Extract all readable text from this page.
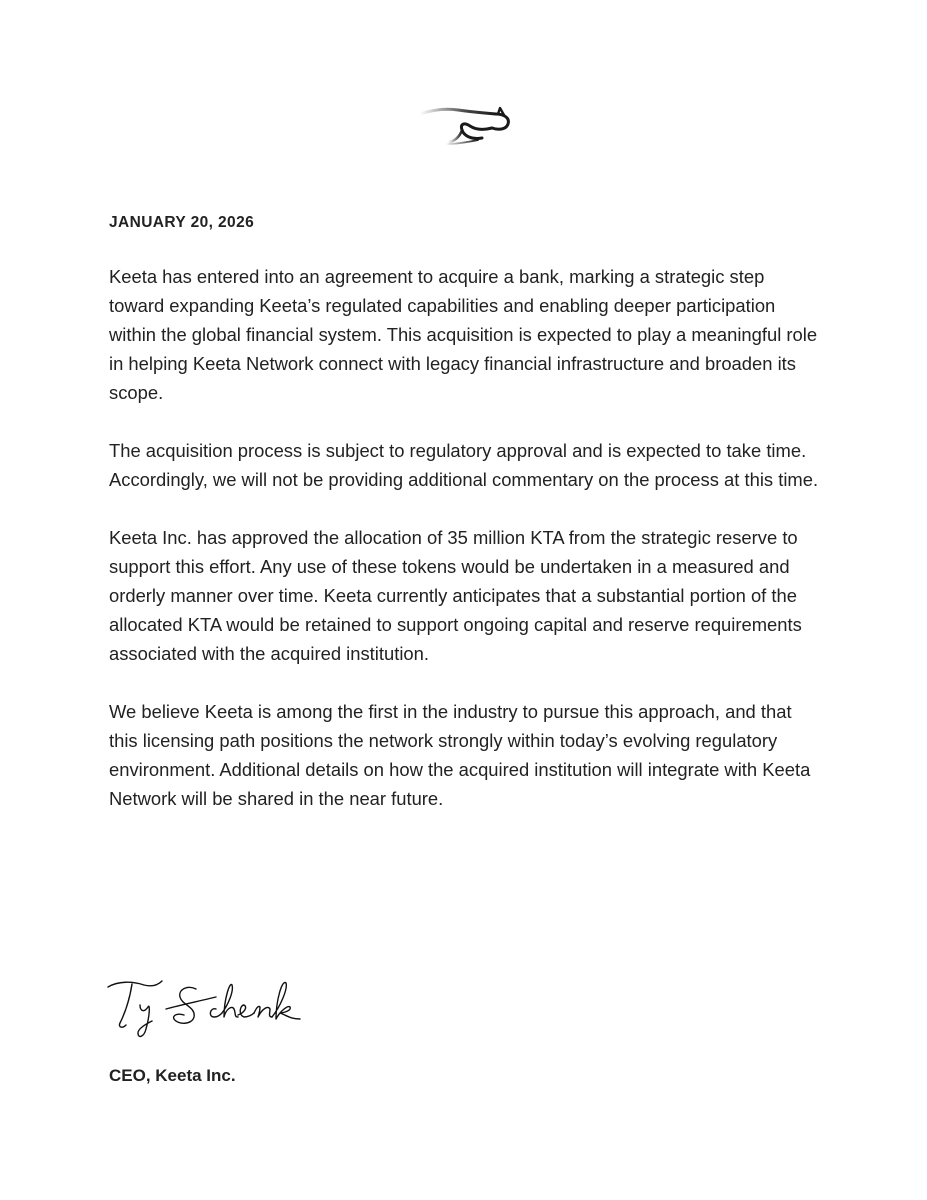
JANUARY 20, 2026

Keeta has entered into an agreement to acquire a bank, marking a strategic step toward expanding Keeta’s regulated capabilities and enabling deeper participation within the global financial system. This acquisition is expected to play a meaningful role in helping Keeta Network connect with legacy financial infrastructure and broaden its scope.

The acquisition process is subject to regulatory approval and is expected to take time. Accordingly, we will not be providing additional commentary on the process at this time.

Keeta Inc. has approved the allocation of 35 million KTA from the strategic reserve to support this effort. Any use of these tokens would be undertaken in a measured and orderly manner over time. Keeta currently anticipates that a substantial portion of the allocated KTA would be retained to support ongoing capital and reserve requirements associated with the acquired institution.

We believe Keeta is among the first in the industry to pursue this approach, and that this licensing path positions the network strongly within today’s evolving regulatory environment. Additional details on how the acquired institution will integrate with Keeta Network will be shared in the near future.

CEO, Keeta Inc.
